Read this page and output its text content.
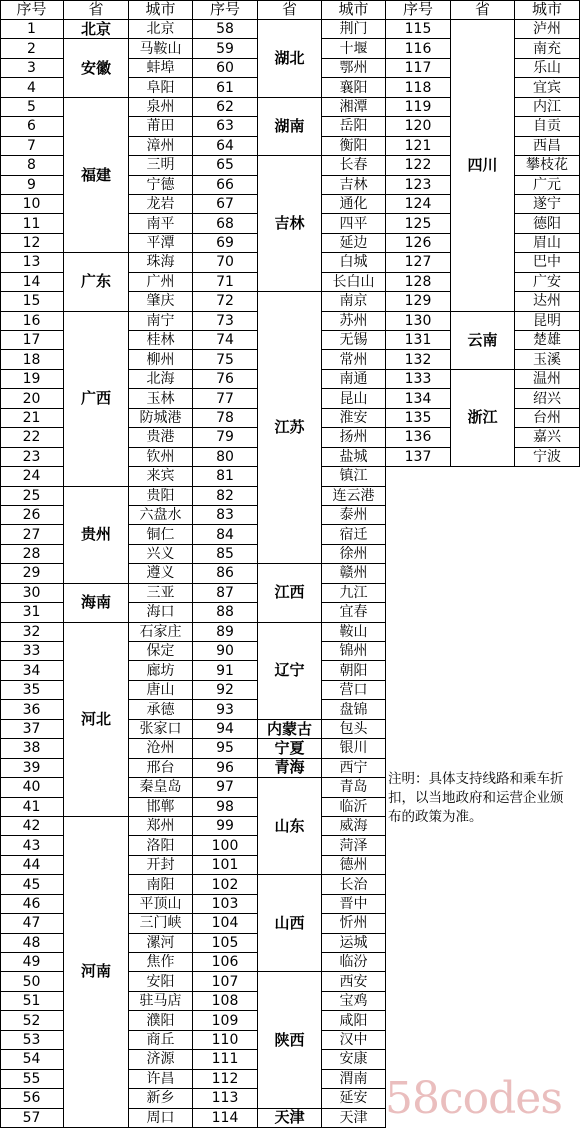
序号	省	城市
北京
1	北京
安徽
2	马鞍山
3	蚌埠
4	阜阳
福建
5	泉州
6	莆田
7	漳州
8	三明
9	宁德
10	龙岩
11	南平
12	平潭
广东
13	珠海
14	广州
15	肇庆
广西
16	南宁
17	桂林
18	柳州
19	北海
20	玉林
21	防城港
22	贵港
23	钦州
24	来宾
贵州
25	贵阳
26	六盘水
27	铜仁
28	兴义
29	遵义
海南
30	三亚
31	海口
河北
32	石家庄
33	保定
34	廊坊
35	唐山
36	承德
37	张家口
38	沧州
39	邢台
40	秦皇岛
41	邯郸
河南
42	郑州
43	洛阳
44	开封
45	南阳
46	平顶山
47	三门峡
48	漯河
49	焦作
50	安阳
51	驻马店
52	濮阳
53	商丘
54	济源
55	许昌
56	新乡
57	周口
序号	省	城市
湖北
58	荆门
59	十堰
60	鄂州
61	襄阳
湖南
62	湘潭
63	岳阳
64	衡阳
吉林
65	长春
66	吉林
67	通化
68	四平
69	延边
70	白城
71	长白山
江苏
72	南京
73	苏州
74	无锡
75	常州
76	南通
77	昆山
78	淮安
79	扬州
80	盐城
81	镇江
82	连云港
83	泰州
84	宿迁
85	徐州
江西
86	赣州
87	九江
88	宜春
辽宁
89	鞍山
90	锦州
91	朝阳
92	营口
93	盘锦
内蒙古
94	包头
宁夏
95	银川
青海
96	西宁
山东
97	青岛
98	临沂
99	威海
100	菏泽
101	德州
山西
102	长治
103	晋中
104	忻州
105	运城
106	临汾
陕西
107	西安
108	宝鸡
109	咸阳
110	汉中
111	安康
112	渭南
113	延安
天津
114	天津
序号	省	城市
四川
115	泸州
116	南充
117	乐山
118	宜宾
119	内江
120	自贡
121	西昌
122	攀枝花
123	广元
124	遂宁
125	德阳
126	眉山
127	巴中
128	广安
129	达州
云南
130	昆明
131	楚雄
132	玉溪
浙江
133	温州
134	绍兴
135	台州
136	嘉兴
137	宁波
注明：具体支持线路和乘车折扣，以当地政府和运营企业颁布的政策为准。
58codes
